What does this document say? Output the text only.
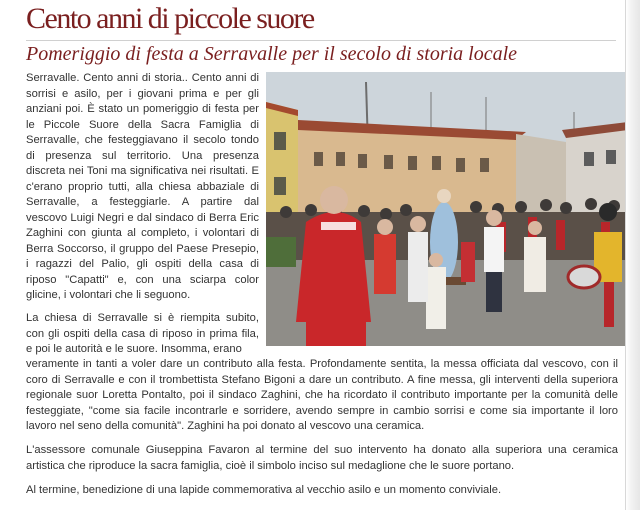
Cento anni di piccole suore
Pomeriggio di festa a Serravalle per il secolo di storia locale

Serravalle. Cento anni di storia.. Cento anni di sorrisi e asilo, per i giovani prima e per gli anziani poi. È stato un pomeriggio di festa per le Piccole Suore della Sacra Famiglia di Serravalle, che festeggiavano il secolo tondo di presenza sul territorio. Una presenza discreta nei Toni ma significativa nei risultati. E c'erano proprio tutti, alla chiesa abbaziale di Serravalle, a festeggiarle. A partire dal vescovo Luigi Negri e dal sindaco di Berra Eric Zaghini con giunta al completo, i volontari di Berra Soccorso, il gruppo del Paese Presepio, i ragazzi del Palio, gli ospiti della casa di riposo "Capatti" e, con una sciarpa color glicine, i volontari che li seguono.

La chiesa di Serravalle si è riempita subito, con gli ospiti della casa di riposo in prima fila, e poi le autorità e le suore. Insomma, erano

veramente in tanti a voler dare un contributo alla festa. Profondamente sentita, la messa officiata dal vescovo, con il coro di Serravalle e con il trombettista Stefano Bigoni a dare un contributo. A fine messa, gli interventi della superiora regionale suor Loretta Pontalto, poi il sindaco Zaghini, che ha ricordato il contributo importante per la comunità delle festeggiate, "come sia facile incontrarle e sorridere, avendo sempre in cambio sorrisi e come sia importante il loro lavoro nel seno della comunità". Zaghini ha poi donato al vescovo una ceramica.

L'assessore comunale Giuseppina Favaron al termine del suo intervento ha donato alla superiora una ceramica artistica che riproduce la sacra famiglia, cioè il simbolo inciso sul medaglione che le suore portano.

Al termine, benedizione di una lapide commemorativa al vecchio asilo e un momento conviviale.
